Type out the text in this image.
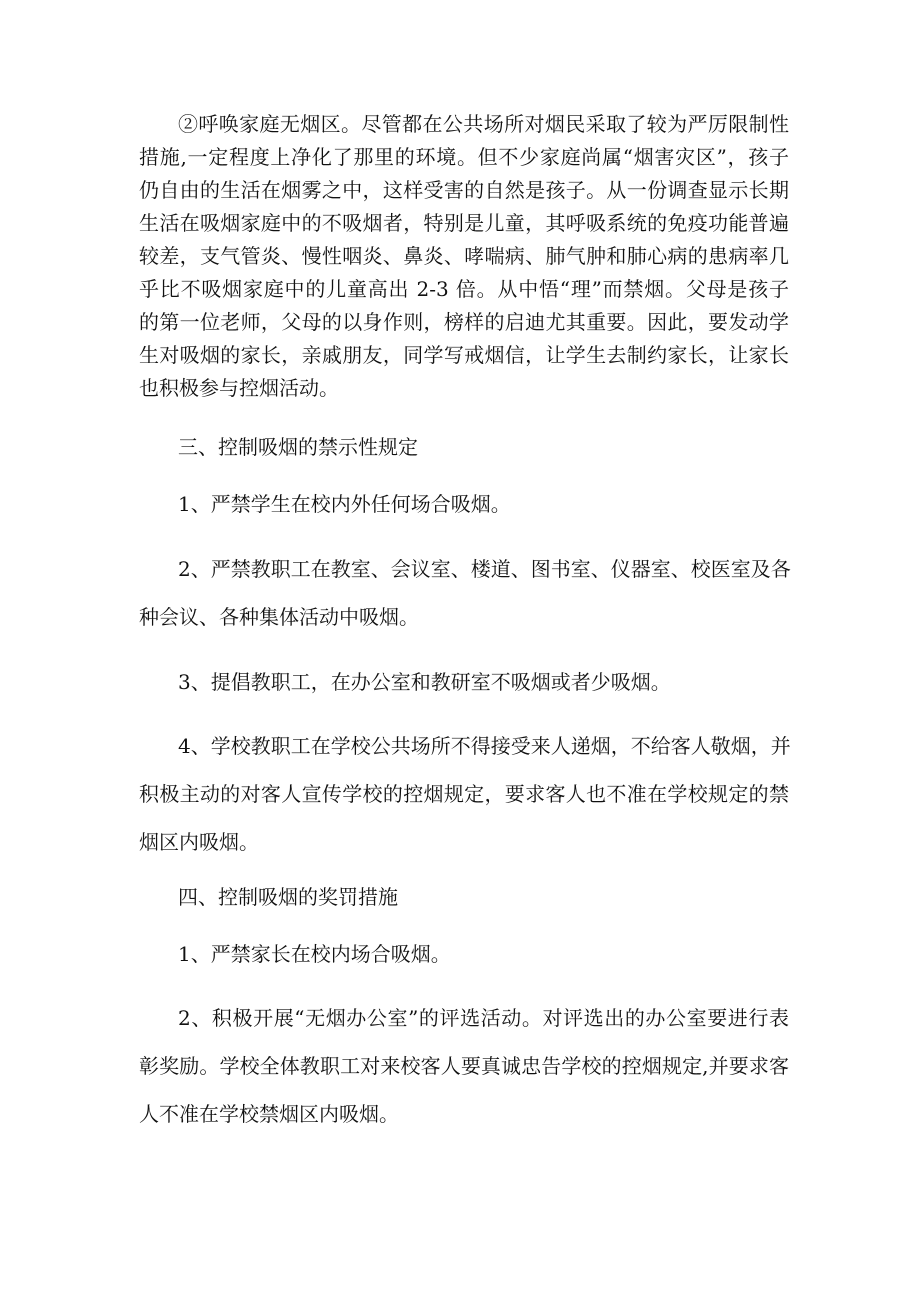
②呼唤家庭无烟区。尽管都在公共场所对烟民采取了较为严厉限制性

措施,一定程度上净化了那里的环境。但不少家庭尚属“烟害灾区”，孩子

仍自由的生活在烟雾之中，这样受害的自然是孩子。从一份调查显示长期

生活在吸烟家庭中的不吸烟者，特别是儿童，其呼吸系统的免疫功能普遍

较差，支气管炎、慢性咽炎、鼻炎、哮喘病、肺气肿和肺心病的患病率几

乎比不吸烟家庭中的儿童高出 2-3 倍。从中悟“理”而禁烟。父母是孩子

的第一位老师，父母的以身作则，榜样的启迪尤其重要。因此，要发动学

生对吸烟的家长，亲戚朋友，同学写戒烟信，让学生去制约家长，让家长

也积极参与控烟活动。

三、控制吸烟的禁示性规定

1、严禁学生在校内外任何场合吸烟。

2、严禁教职工在教室、会议室、楼道、图书室、仪器室、校医室及各

种会议、各种集体活动中吸烟。

3、提倡教职工，在办公室和教研室不吸烟或者少吸烟。

4、学校教职工在学校公共场所不得接受来人递烟，不给客人敬烟，并

积极主动的对客人宣传学校的控烟规定，要求客人也不准在学校规定的禁

烟区内吸烟。

四、控制吸烟的奖罚措施

1、严禁家长在校内场合吸烟。

2、积极开展“无烟办公室”的评选活动。对评选出的办公室要进行表

彰奖励。学校全体教职工对来校客人要真诚忠告学校的控烟规定,并要求客

人不准在学校禁烟区内吸烟。
